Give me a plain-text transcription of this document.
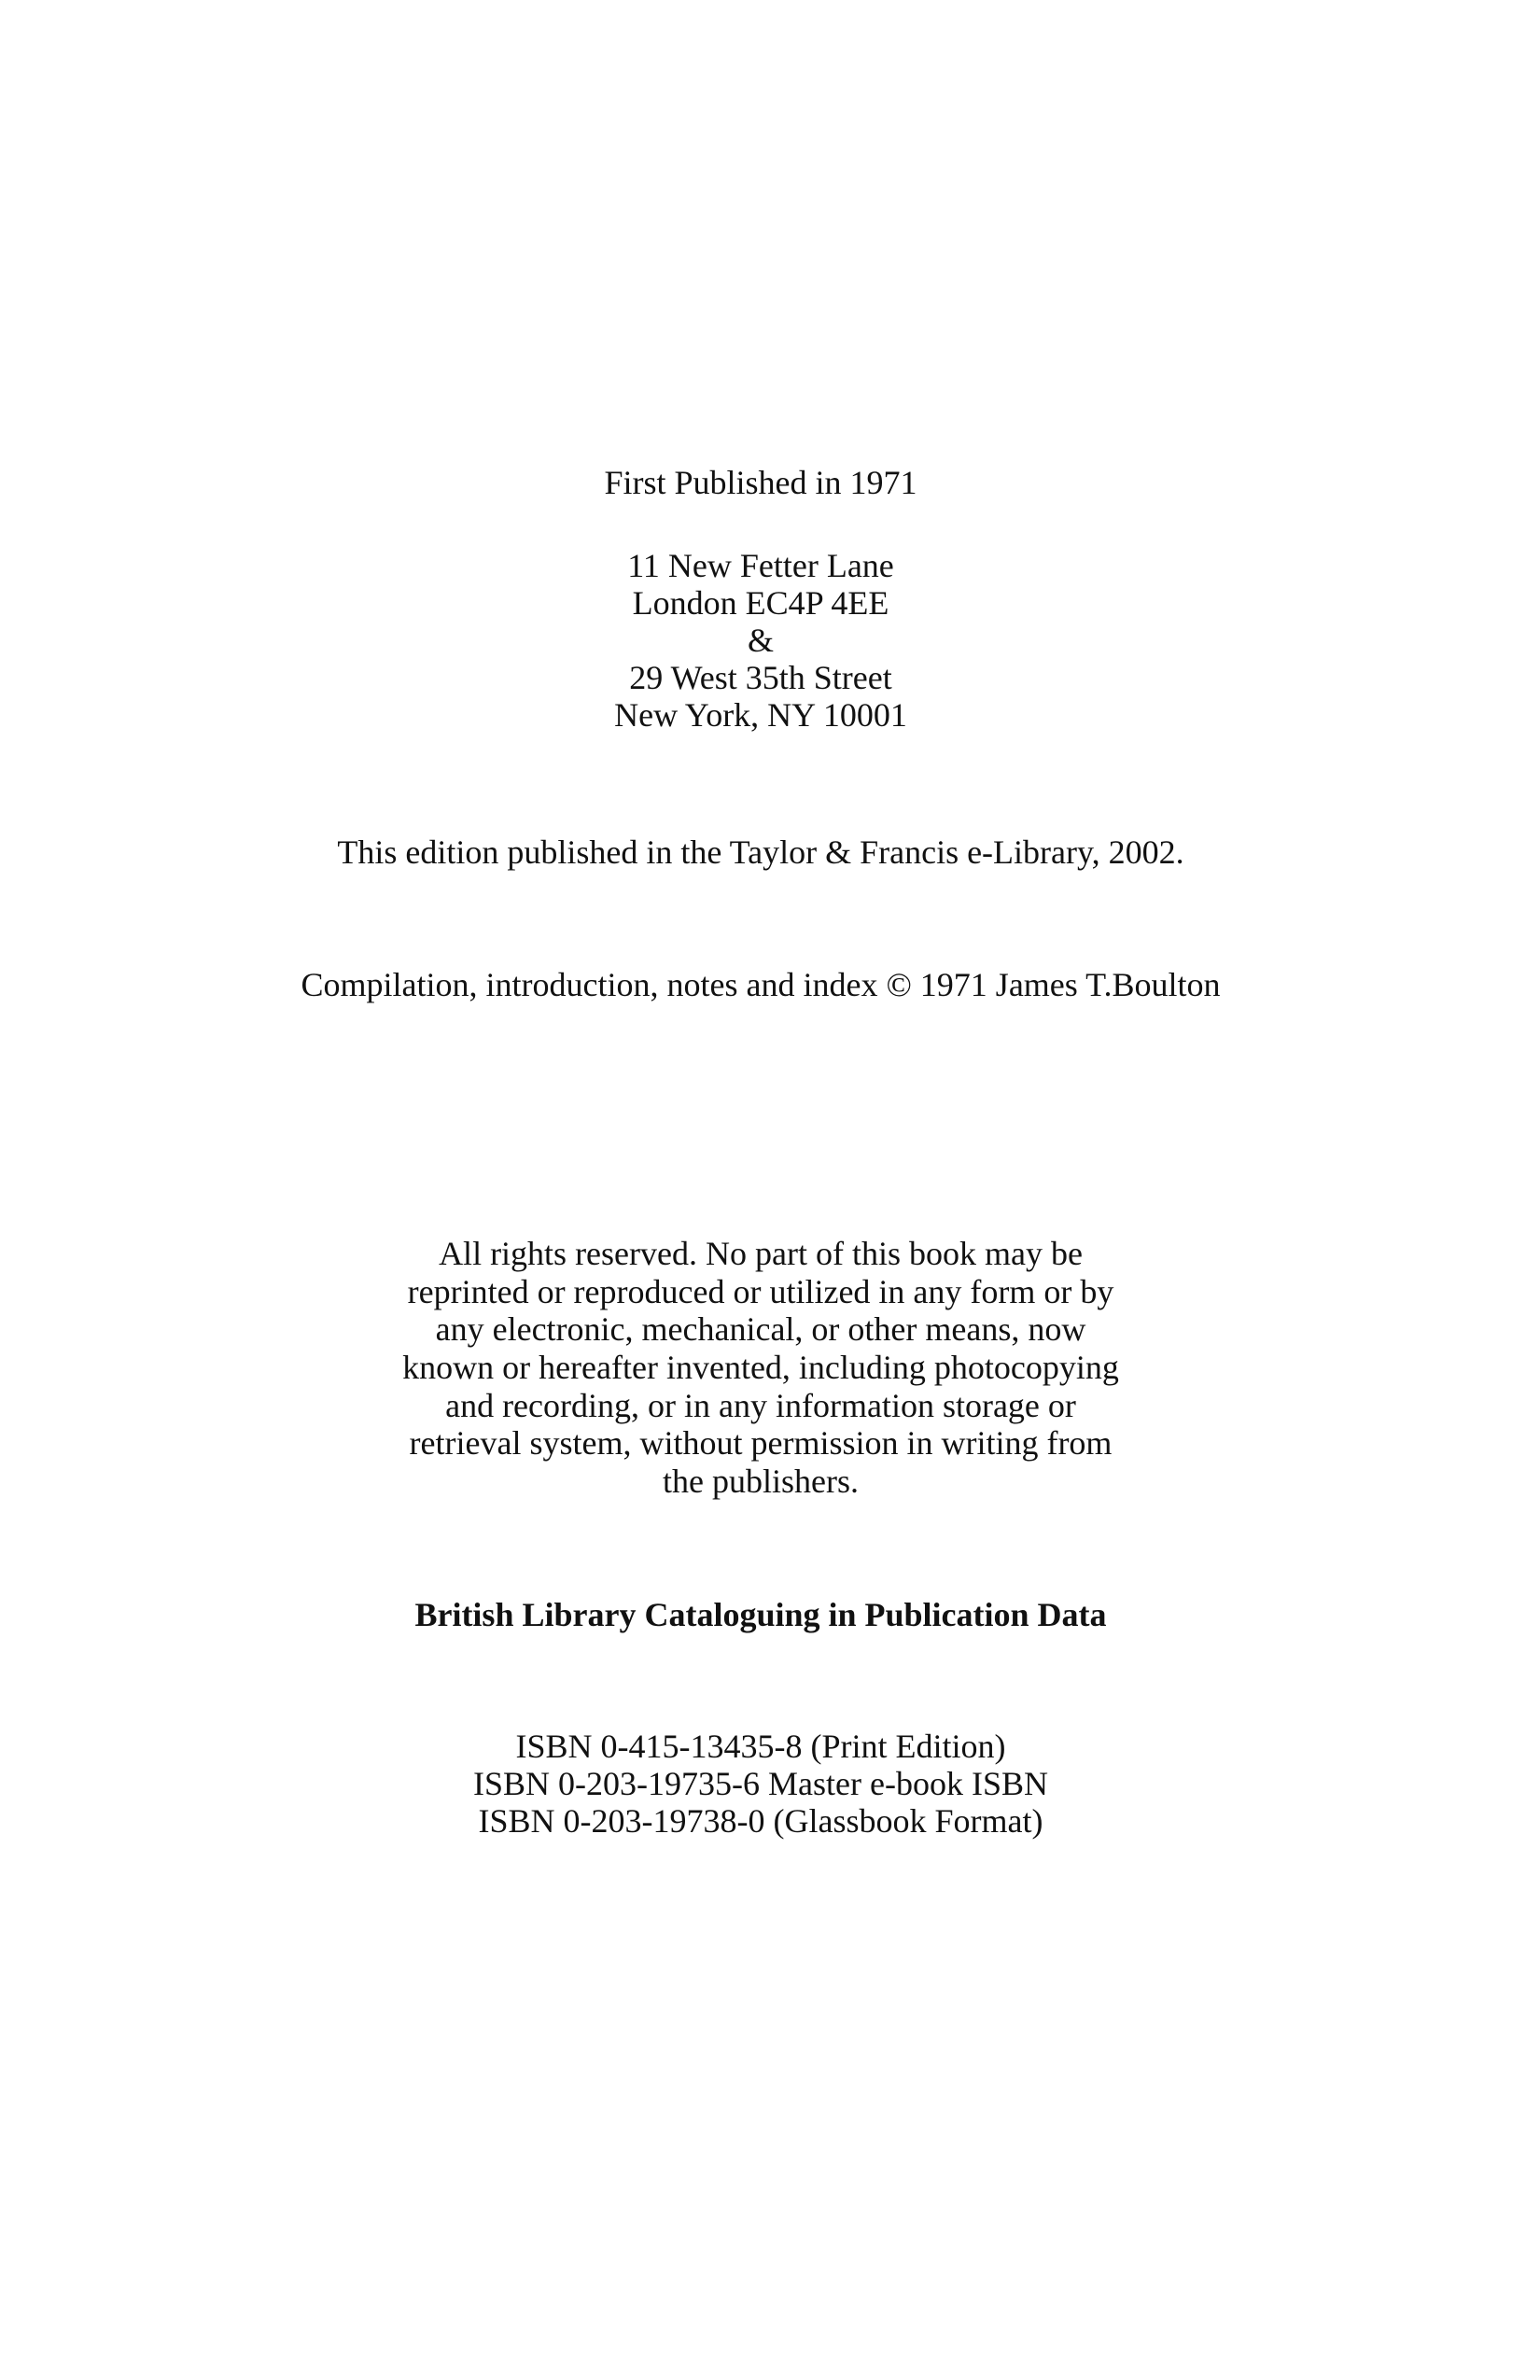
First Published in 1971
11 New Fetter Lane
London EC4P 4EE
&
29 West 35th Street
New York, NY 10001
This edition published in the Taylor & Francis e-Library, 2002.
Compilation, introduction, notes and index © 1971 James T.Boulton
All rights reserved. No part of this book may be
reprinted or reproduced or utilized in any form or by
any electronic, mechanical, or other means, now
known or hereafter invented, including photocopying
and recording, or in any information storage or
retrieval system, without permission in writing from
the publishers.
British Library Cataloguing in Publication Data
ISBN 0-415-13435-8 (Print Edition)
ISBN 0-203-19735-6 Master e-book ISBN
ISBN 0-203-19738-0 (Glassbook Format)
